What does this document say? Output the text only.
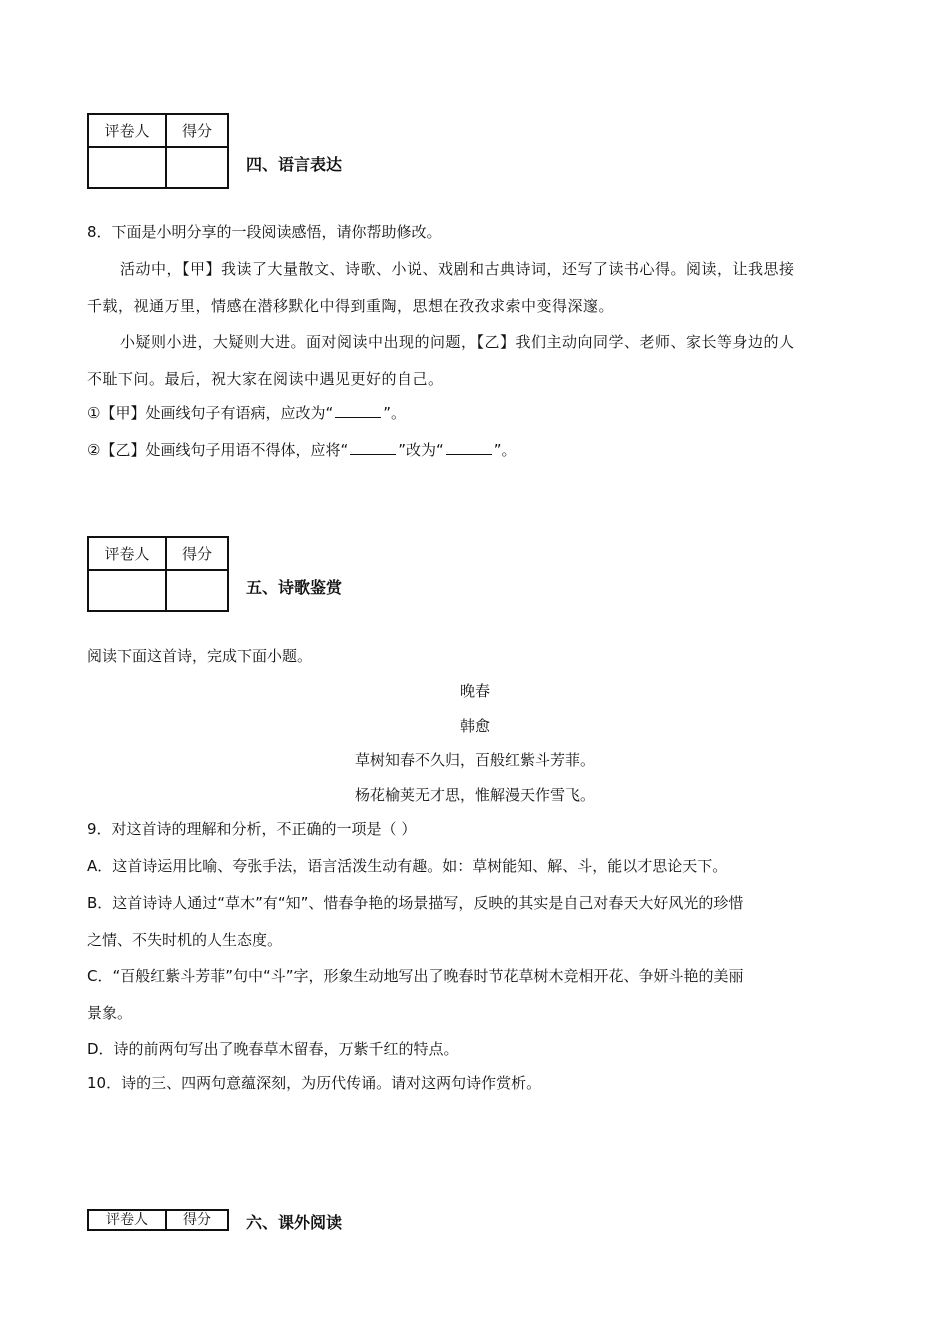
评卷人	得分

四、语言表达
8．下面是小明分享的一段阅读感悟，请你帮助修改。
活动中，【甲】我读了大量散文、诗歌、小说、戏剧和古典诗词，还写了读书心得。阅读，让我思接
千载，视通万里，情感在潜移默化中得到重陶，思想在孜孜求索中变得深邃。
小疑则小进，大疑则大进。面对阅读中出现的问题，【乙】我们主动向同学、老师、家长等身边的人
不耻下问。最后，祝大家在阅读中遇见更好的自己。
①【甲】处画线句子有语病，应改为“	”。
②【乙】处画线句子用语不得体，应将“	”改为“	”。
评卷人	得分

五、诗歌鉴赏
阅读下面这首诗，完成下面小题。
晚春
韩愈
草树知春不久归，百般红紫斗芳菲。
杨花榆荚无才思，惟解漫天作雪飞。
9．对这首诗的理解和分析，不正确的一项是（ ）
A．这首诗运用比喻、夸张手法，语言活泼生动有趣。如：草树能知、解、斗，能以才思论天下。
B．这首诗诗人通过“草木”有“知”、惜春争艳的场景描写，反映的其实是自己对春天大好风光的珍惜
之情、不失时机的人生态度。
C．“百般红紫斗芳菲”句中“斗”字，形象生动地写出了晚春时节花草树木竞相开花、争妍斗艳的美丽
景象。
D．诗的前两句写出了晚春草木留春，万紫千红的特点。
10．诗的三、四两句意蕴深刻，为历代传诵。请对这两句诗作赏析。
评卷人	得分 六、课外阅读
